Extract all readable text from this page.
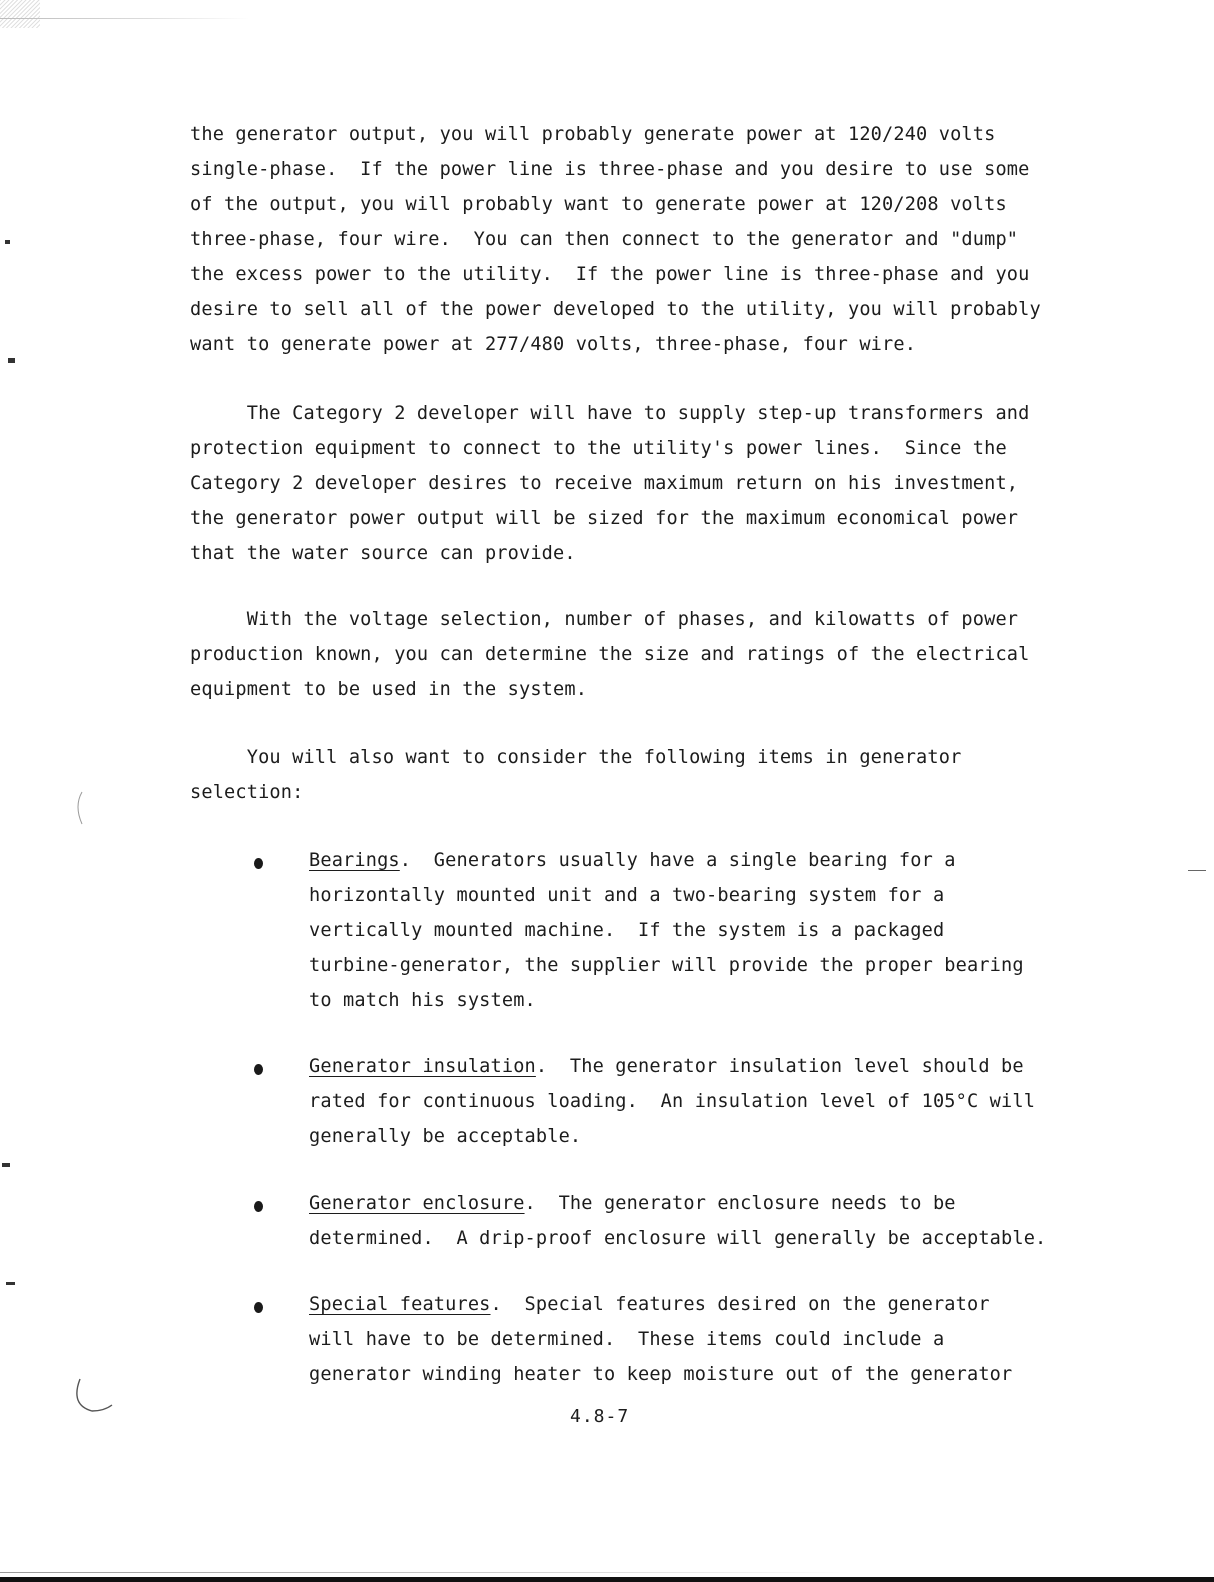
the generator output, you will probably generate power at 120/240 volts
single-phase.  If the power line is three-phase and you desire to use some
of the output, you will probably want to generate power at 120/208 volts
three-phase, four wire.  You can then connect to the generator and "dump"
the excess power to the utility.  If the power line is three-phase and you
desire to sell all of the power developed to the utility, you will probably
want to generate power at 277/480 volts, three-phase, four wire.
The Category 2 developer will have to supply step-up transformers and
protection equipment to connect to the utility's power lines.  Since the
Category 2 developer desires to receive maximum return on his investment,
the generator power output will be sized for the maximum economical power
that the water source can provide.
With the voltage selection, number of phases, and kilowatts of power
production known, you can determine the size and ratings of the electrical
equipment to be used in the system.
You will also want to consider the following items in generator
selection:
Bearings.  Generators usually have a single bearing for a
horizontally mounted unit and a two-bearing system for a
vertically mounted machine.  If the system is a packaged
turbine-generator, the supplier will provide the proper bearing
to match his system.
Generator insulation.  The generator insulation level should be
rated for continuous loading.  An insulation level of 105°C will
generally be acceptable.
Generator enclosure.  The generator enclosure needs to be
determined.  A drip-proof enclosure will generally be acceptable.
Special features.  Special features desired on the generator
will have to be determined.  These items could include a
generator winding heater to keep moisture out of the generator
4.8-7
